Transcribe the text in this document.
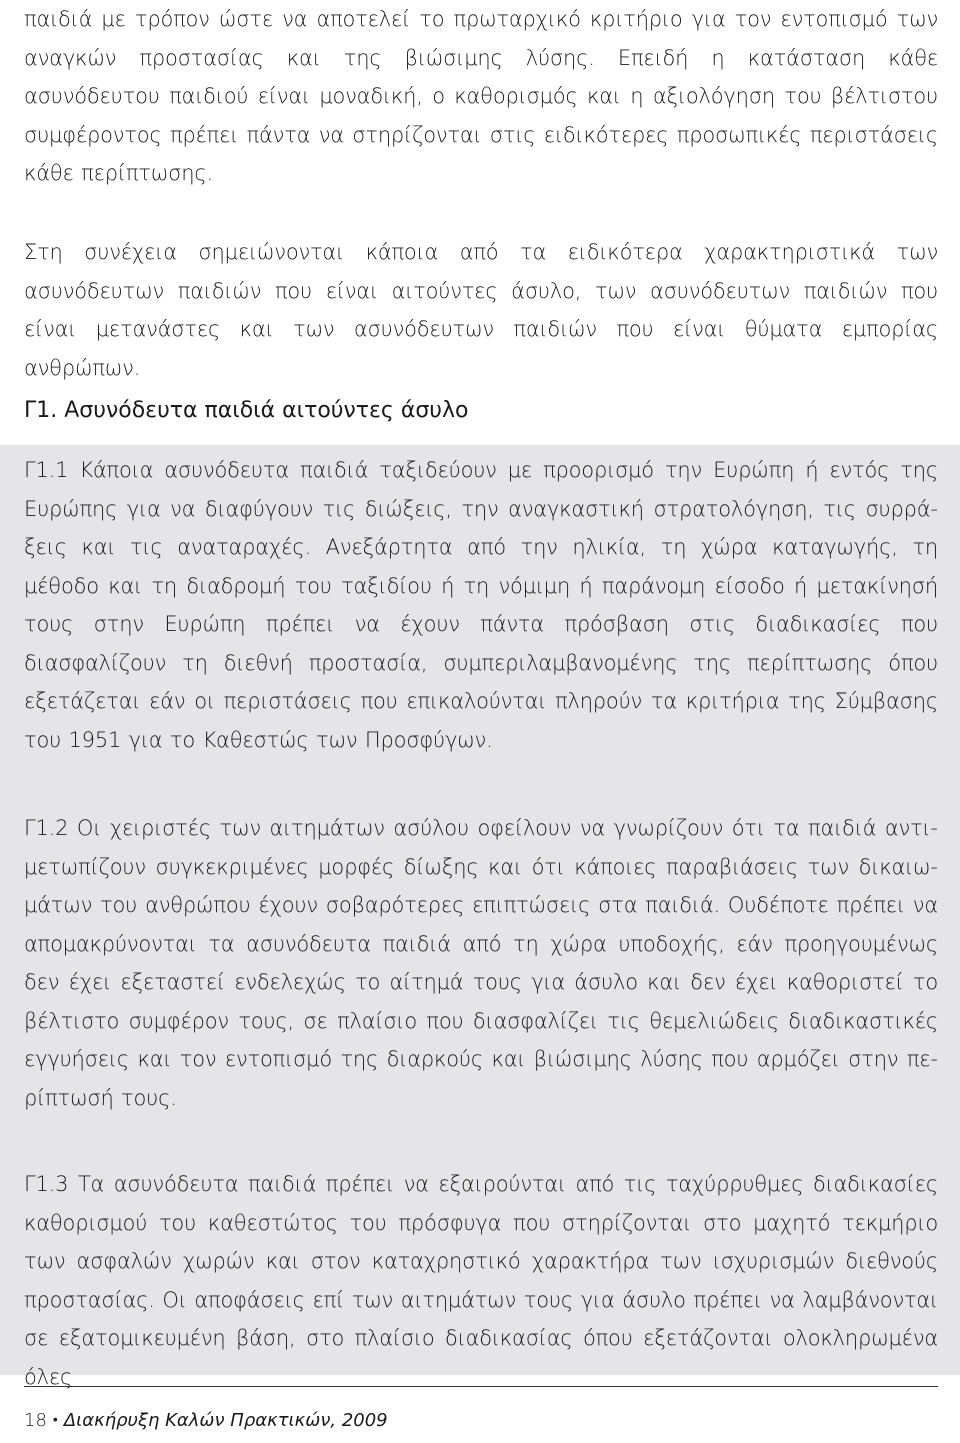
παιδιά με τρόπον ώστε να αποτελεί το πρωταρχικό κριτήριο για τον εντοπισμό των αναγκών προστασίας και της βιώσιμης λύσης. Επειδή η κατάσταση κάθε ασυνόδευτου παιδιού είναι μοναδική, ο καθορισμός και η αξιολόγηση του βέλτιστου συμφέροντος πρέπει πάντα να στηρίζονται στις ειδικότερες προσωπικές περιστάσεις κάθε περίπτωσης.

Στη συνέχεια σημειώνονται κάποια από τα ειδικότερα χαρακτηριστικά των ασυνόδευτων παιδιών που είναι αιτούντες άσυλο, των ασυνόδευτων παιδιών που είναι μετανάστες και των ασυνόδευτων παιδιών που είναι θύματα εμπορίας ανθρώπων.

Γ1. Ασυνόδευτα παιδιά αιτούντες άσυλο

Γ1.1 Κάποια ασυνόδευτα παιδιά ταξιδεύουν με προορισμό την Ευρώπη ή εντός της Ευρώπης για να διαφύγουν τις διώξεις, την αναγκαστική στρατολόγηση, τις συρράξεις και τις αναταραχές. Ανεξάρτητα από την ηλικία, τη χώρα καταγωγής, τη μέθοδο και τη διαδρομή του ταξιδίου ή τη νόμιμη ή παράνομη είσοδο ή μετακίνησή τους στην Ευρώπη πρέπει να έχουν πάντα πρόσβαση στις διαδικασίες που διασφαλίζουν τη διεθνή προστασία, συμπεριλαμβανομένης της περίπτωσης όπου εξετάζεται εάν οι περιστάσεις που επικαλούνται πληρούν τα κριτήρια της Σύμβασης του 1951 για το Καθεστώς των Προσφύγων.

Γ1.2 Οι χειριστές των αιτημάτων ασύλου οφείλουν να γνωρίζουν ότι τα παιδιά αντιμετωπίζουν συγκεκριμένες μορφές δίωξης και ότι κάποιες παραβιάσεις των δικαιωμάτων του ανθρώπου έχουν σοβαρότερες επιπτώσεις στα παιδιά. Ουδέποτε πρέπει να απομακρύνονται τα ασυνόδευτα παιδιά από τη χώρα υποδοχής, εάν προηγουμένως δεν έχει εξεταστεί ενδελεχώς το αίτημά τους για άσυλο και δεν έχει καθοριστεί το βέλτιστο συμφέρον τους, σε πλαίσιο που διασφαλίζει τις θεμελιώδεις διαδικαστικές εγγυήσεις και τον εντοπισμό της διαρκούς και βιώσιμης λύσης που αρμόζει στην περίπτωσή τους.

Γ1.3 Τα ασυνόδευτα παιδιά πρέπει να εξαιρούνται από τις ταχύρρυθμες διαδικασίες καθορισμού του καθεστώτος του πρόσφυγα που στηρίζονται στο μαχητό τεκμήριο των ασφαλών χωρών και στον καταχρηστικό χαρακτήρα των ισχυρισμών διεθνούς προστασίας. Οι αποφάσεις επί των αιτημάτων τους για άσυλο πρέπει να λαμβάνονται σε εξατομικευμένη βάση, στο πλαίσιο διαδικασίας όπου εξετάζονται ολοκληρωμένα όλες

18 • Διακήρυξη Καλών Πρακτικών, 2009
